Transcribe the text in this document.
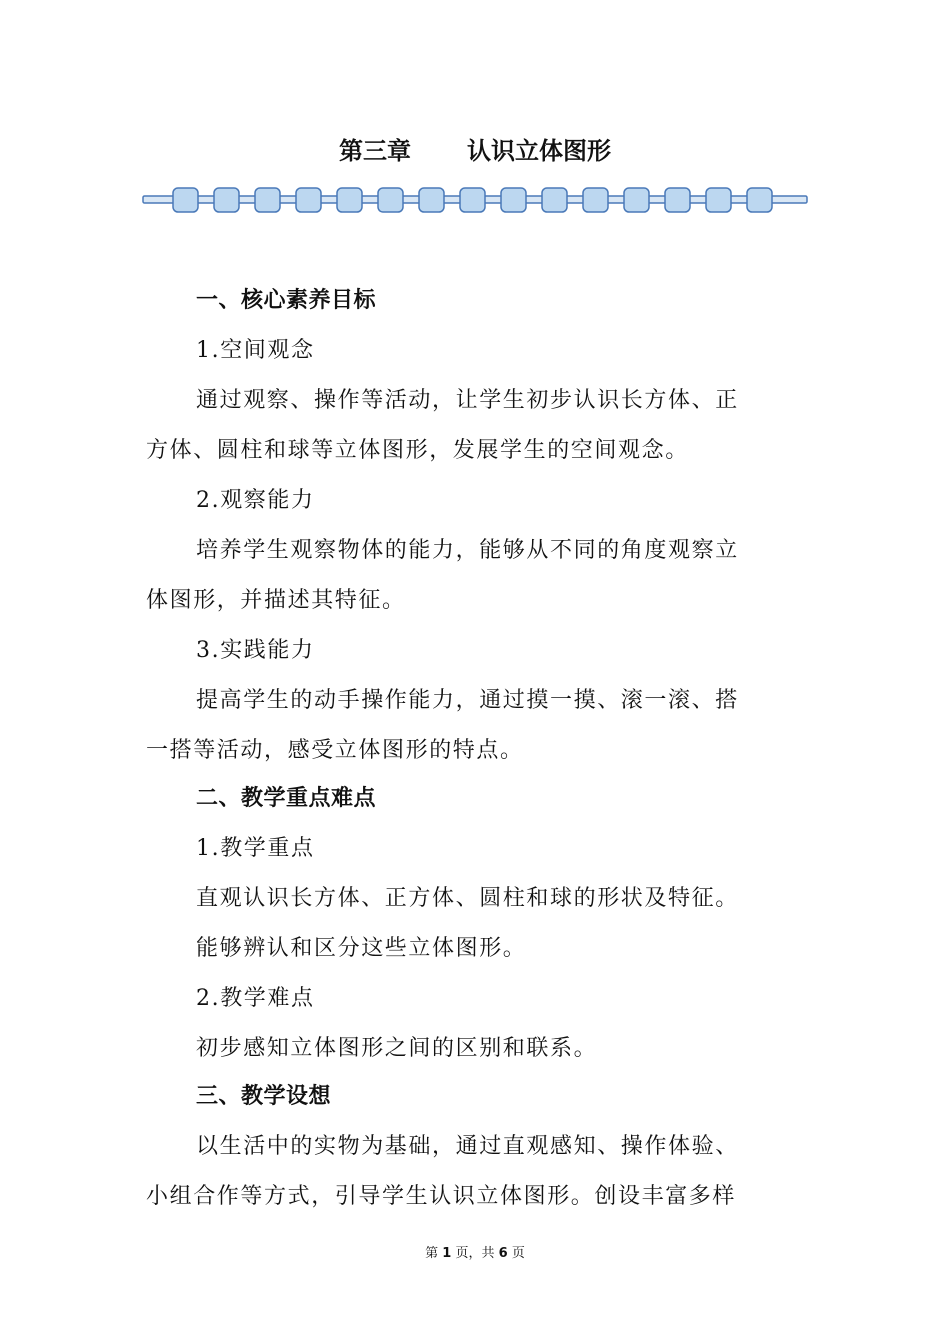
第三章 认识立体图形
一、核心素养目标
1.空间观念
通过观察、操作等活动，让学生初步认识长方体、正
方体、圆柱和球等立体图形，发展学生的空间观念。
2.观察能力
培养学生观察物体的能力，能够从不同的角度观察立
体图形，并描述其特征。
3.实践能力
提高学生的动手操作能力，通过摸一摸、滚一滚、搭
一搭等活动，感受立体图形的特点。
二、教学重点难点
1.教学重点
直观认识长方体、正方体、圆柱和球的形状及特征。
能够辨认和区分这些立体图形。
2.教学难点
初步感知立体图形之间的区别和联系。
三、教学设想
以生活中的实物为基础，通过直观感知、操作体验、
小组合作等方式，引导学生认识立体图形。创设丰富多样
第 1 页，共 6 页
